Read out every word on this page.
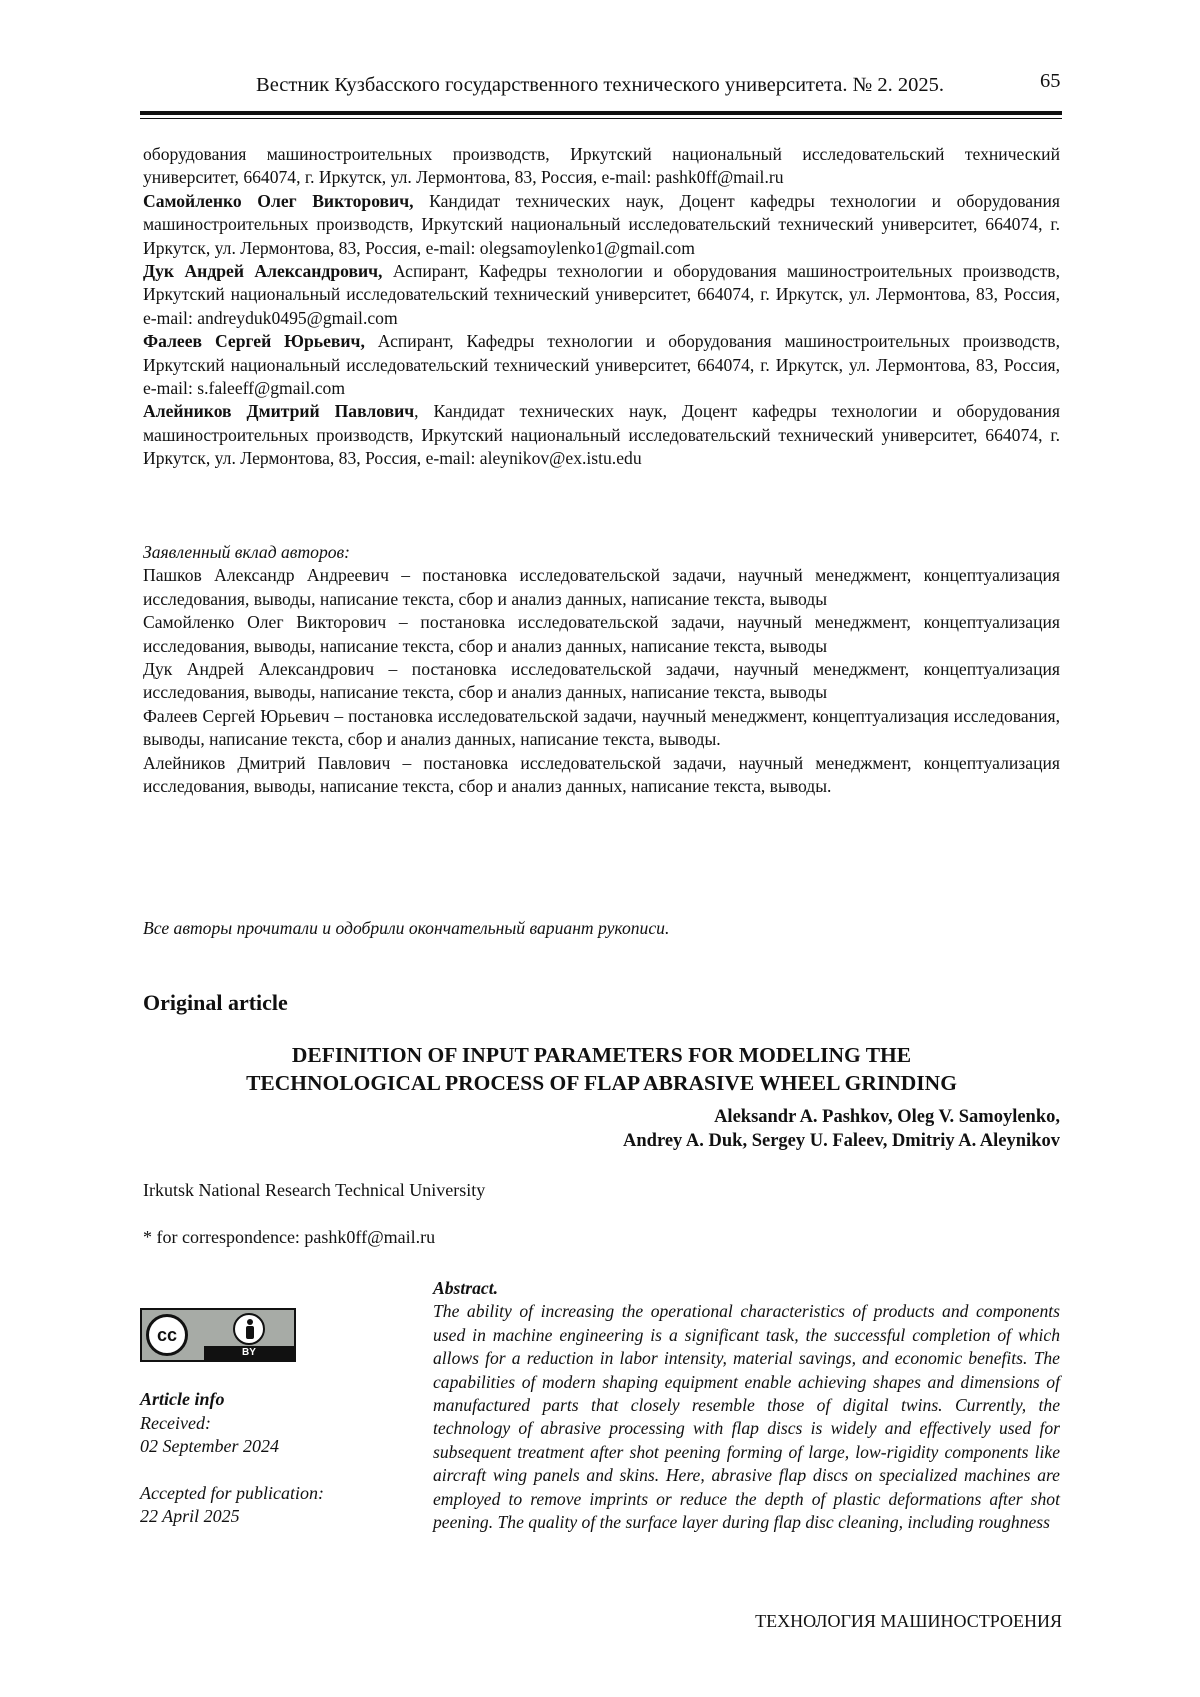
Вестник Кузбасского государственного технического университета. № 2. 2025.	65

оборудования машиностроительных производств, Иркутский национальный исследовательский технический университет, 664074, г. Иркутск, ул. Лермонтова, 83, Россия, e-mail: pashk0ff@mail.ru

Самойленко Олег Викторович, Кандидат технических наук, Доцент кафедры технологии и оборудования машиностроительных производств, Иркутский национальный исследовательский технический университет, 664074, г. Иркутск, ул. Лермонтова, 83, Россия, e-mail: olegsamoylenko1@gmail.com

Дук Андрей Александрович, Аспирант, Кафедры технологии и оборудования машиностроительных производств, Иркутский национальный исследовательский технический университет, 664074, г. Иркутск, ул. Лермонтова, 83, Россия, e-mail: andreyduk0495@gmail.com

Фалеев Сергей Юрьевич, Аспирант, Кафедры технологии и оборудования машиностроительных производств, Иркутский национальный исследовательский технический университет, 664074, г. Иркутск, ул. Лермонтова, 83, Россия, e-mail: s.faleeff@gmail.com

Алейников Дмитрий Павлович, Кандидат технических наук, Доцент кафедры технологии и оборудования машиностроительных производств, Иркутский национальный исследовательский технический университет, 664074, г. Иркутск, ул. Лермонтова, 83, Россия, e-mail: aleynikov@ex.istu.edu

Заявленный вклад авторов:

Пашков Александр Андреевич – постановка исследовательской задачи, научный менеджмент, концептуализация исследования, выводы, написание текста, сбор и анализ данных, написание текста, выводы

Самойленко Олег Викторович – постановка исследовательской задачи, научный менеджмент, концептуализация исследования, выводы, написание текста, сбор и анализ данных, написание текста, выводы

Дук Андрей Александрович – постановка исследовательской задачи, научный менеджмент, концептуализация исследования, выводы, написание текста, сбор и анализ данных, написание текста, выводы

Фалеев Сергей Юрьевич – постановка исследовательской задачи, научный менеджмент, концептуализация исследования, выводы, написание текста, сбор и анализ данных, написание текста, выводы.

Алейников Дмитрий Павлович – постановка исследовательской задачи, научный менеджмент, концептуализация исследования, выводы, написание текста, сбор и анализ данных, написание текста, выводы.

Все авторы прочитали и одобрили окончательный вариант рукописи.
Original article
DEFINITION OF INPUT PARAMETERS FOR MODELING THE
TECHNOLOGICAL PROCESS OF FLAP ABRASIVE WHEEL GRINDING
Aleksandr A. Pashkov, Oleg V. Samoylenko,
Andrey A. Duk, Sergey U. Faleev, Dmitriy A. Aleynikov
Irkutsk National Research Technical University
* for correspondence: pashk0ff@mail.ru
cc
BY
Article info
Received:
02 September 2024
Accepted for publication:
22 April 2025
Abstract.
The ability of increasing the operational characteristics of products and components used in machine engineering is a significant task, the successful completion of which allows for a reduction in labor intensity, material savings, and economic benefits. The capabilities of modern shaping equipment enable achieving shapes and dimensions of manufactured parts that closely resemble those of digital twins. Currently, the technology of abrasive processing with flap discs is widely and effectively used for subsequent treatment after shot peening forming of large, low-rigidity components like aircraft wing panels and skins. Here, abrasive flap discs on specialized machines are employed to remove imprints or reduce the depth of plastic deformations after shot peening. The quality of the surface layer during flap disc cleaning, including roughness
ТЕХНОЛОГИЯ МАШИНОСТРОЕНИЯ
